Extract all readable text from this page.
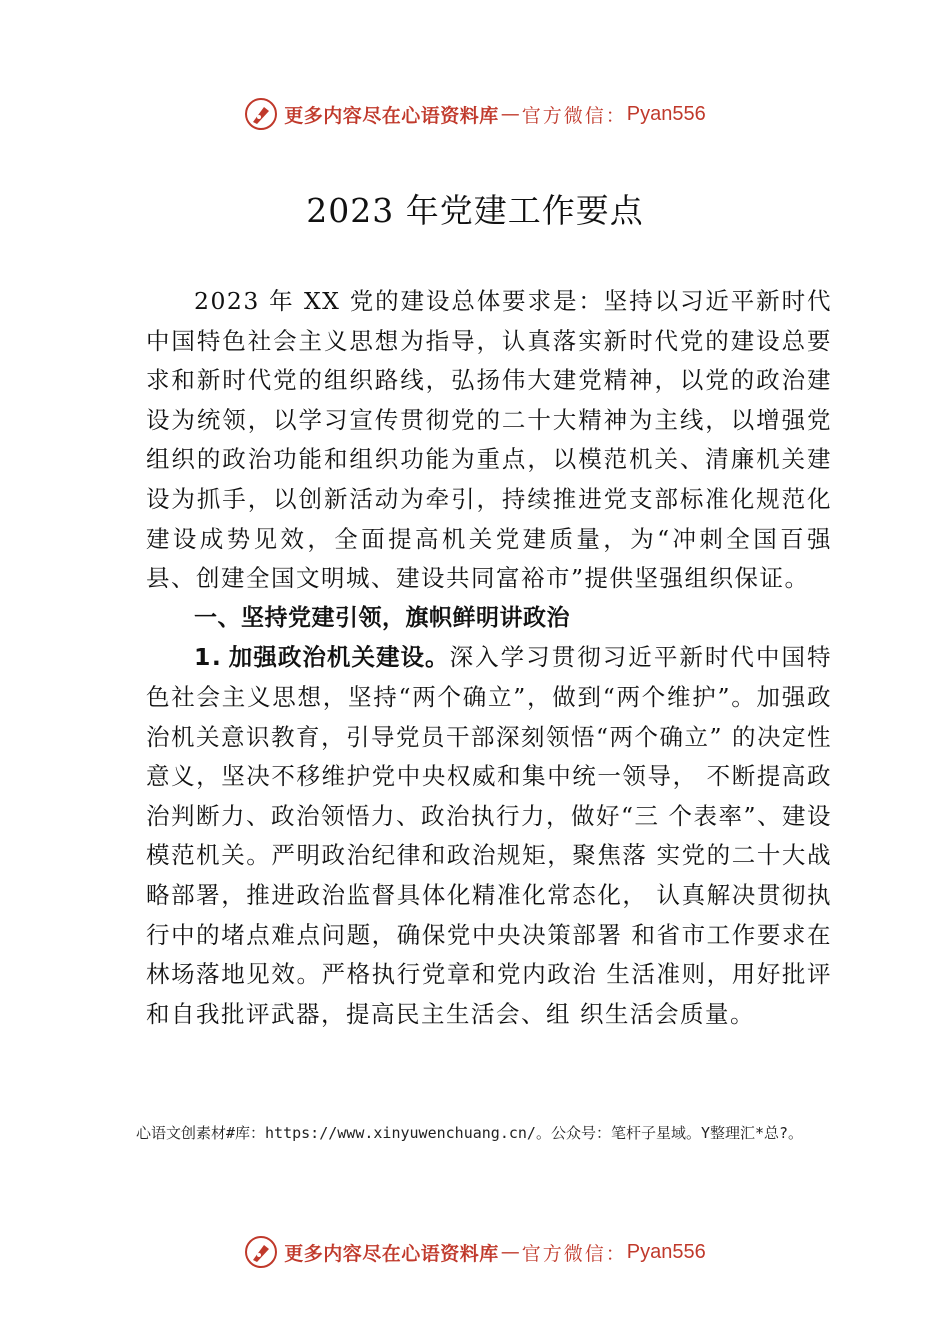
更多内容尽在心语资料库 — 官方微信： Pyan556
2023 年党建工作要点

2023 年 XX 党的建设总体要求是：坚持以习近平新时代中国特色社会主义思想为指导，认真落实新时代党的建设总要求和新时代党的组织路线，弘扬伟大建党精神，以党的政治建设为统领，以学习宣传贯彻党的二十大精神为主线，以增强党组织的政治功能和组织功能为重点，以模范机关、清廉机关建设为抓手，以创新活动为牵引，持续推进党支部标准化规范化建设成势见效，全面提高机关党建质量，为“冲刺全国百强县、创建全国文明城、建设共同富裕市”提供坚强组织保证。

一、坚持党建引领，旗帜鲜明讲政治

1. 加强政治机关建设。深入学习贯彻习近平新时代中国特色社会主义思想，坚持“两个确立”，做到“两个维护”。加强政治机关意识教育，引导党员干部深刻领悟“两个确立” 的决定性意义，坚决不移维护党中央权威和集中统一领导， 不断提高政治判断力、政治领悟力、政治执行力，做好“三 个表率”、建设模范机关。严明政治纪律和政治规矩，聚焦落 实党的二十大战略部署，推进政治监督具体化精准化常态化， 认真解决贯彻执行中的堵点难点问题，确保党中央决策部署 和省市工作要求在林场落地见效。严格执行党章和党内政治 生活准则，用好批评和自我批评武器，提高民主生活会、组 织生活会质量。

心语文创素材#库：https://www.xinyuwenchuang.cn/。公众号：笔杆子星域。Y整理汇*总?。
更多内容尽在心语资料库 — 官方微信： Pyan556
